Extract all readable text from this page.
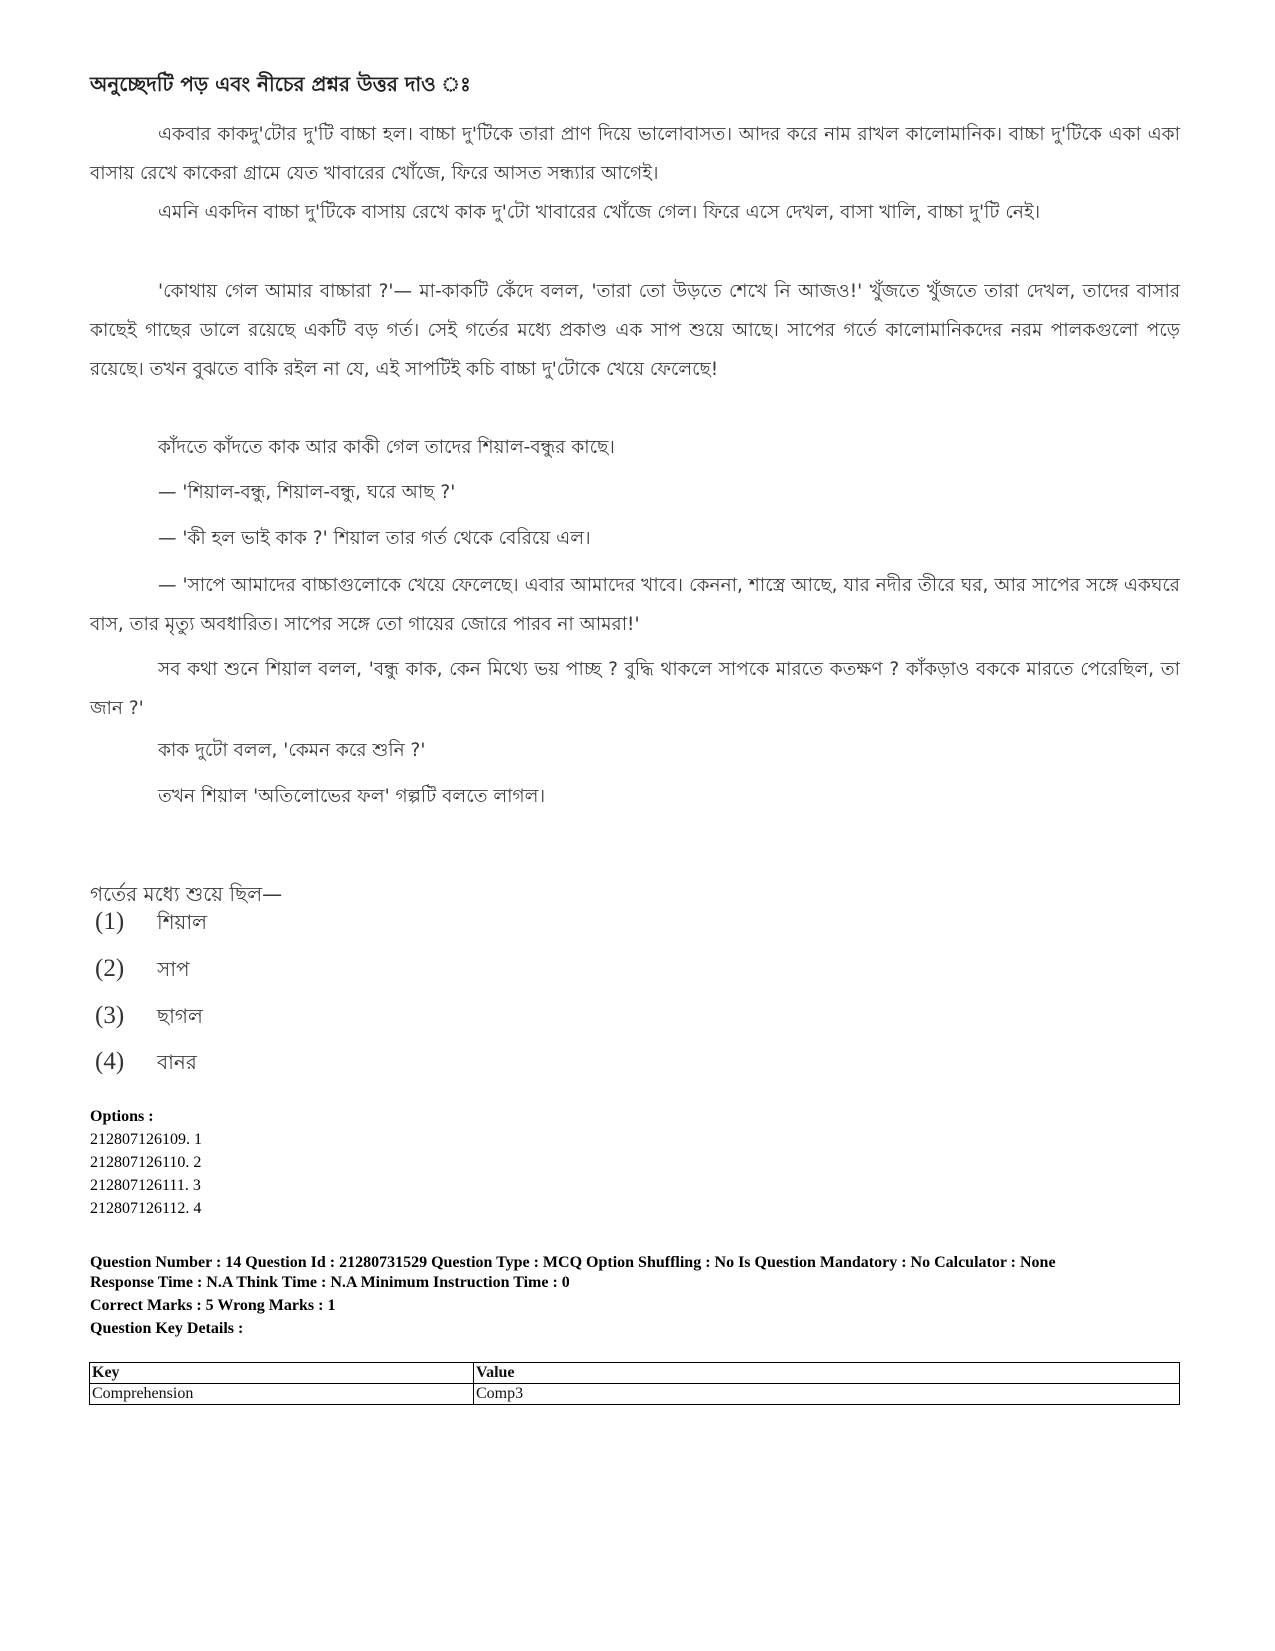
অনুচ্ছেদটি পড় এবং নীচের প্রশ্নর উত্তর দাও ঃ
একবার কাকদু'টোর দু'টি বাচ্চা হল। বাচ্চা দু'টিকে তারা প্রাণ দিয়ে ভালোবাসত। আদর করে নাম রাখল কালোমানিক। বাচ্চা দু'টিকে একা একা বাসায় রেখে কাকেরা গ্রামে যেত খাবারের খোঁজে, ফিরে আসত সন্ধ্যার আগেই।
এমনি একদিন বাচ্চা দু'টিকে বাসায় রেখে কাক দু'টো খাবারের খোঁজে গেল। ফিরে এসে দেখল, বাসা খালি, বাচ্চা দু'টি নেই।
'কোথায় গেল আমার বাচ্চারা ?'— মা-কাকটি কেঁদে বলল, 'তারা তো উড়তে শেখে নি আজও!' খুঁজতে খুঁজতে তারা দেখল, তাদের বাসার কাছেই গাছের ডালে রয়েছে একটি বড় গর্ত। সেই গর্তের মধ্যে প্রকাণ্ড এক সাপ শুয়ে আছে। সাপের গর্তে কালোমানিকদের নরম পালকগুলো পড়ে রয়েছে। তখন বুঝতে বাকি রইল না যে, এই সাপটিই কচি বাচ্চা দু'টোকে খেয়ে ফেলেছে!
কাঁদতে কাঁদতে কাক আর কাকী গেল তাদের শিয়াল-বন্ধুর কাছে।
— 'শিয়াল-বন্ধু, শিয়াল-বন্ধু, ঘরে আছ ?'
— 'কী হল ভাই কাক ?' শিয়াল তার গর্ত থেকে বেরিয়ে এল।
— 'সাপে আমাদের বাচ্চাগুলোকে খেয়ে ফেলেছে। এবার আমাদের খাবে। কেননা, শাস্ত্রে আছে, যার নদীর তীরে ঘর, আর সাপের সঙ্গে একঘরে বাস, তার মৃত্যু অবধারিত। সাপের সঙ্গে তো গায়ের জোরে পারব না আমরা!'
সব কথা শুনে শিয়াল বলল, 'বন্ধু কাক, কেন মিথ্যে ভয় পাচ্ছ ? বুদ্ধি থাকলে সাপকে মারতে কতক্ষণ ? কাঁকড়াও বককে মারতে পেরেছিল, তা জান ?'
কাক দুটো বলল, 'কেমন করে শুনি ?'
তখন শিয়াল 'অতিলোভের ফল' গল্পটি বলতে লাগল।
গর্তের মধ্যে শুয়ে ছিল—
(1) শিয়াল
(2) সাপ
(3) ছাগল
(4) বানর
Options :
212807126109. 1
212807126110. 2
212807126111. 3
212807126112. 4
Question Number : 14 Question Id : 21280731529 Question Type : MCQ Option Shuffling : No Is Question Mandatory : No Calculator : None
Response Time : N.A Think Time : N.A Minimum Instruction Time : 0
Correct Marks : 5 Wrong Marks : 1
Question Key Details :
Key	Value
Comprehension	Comp3
